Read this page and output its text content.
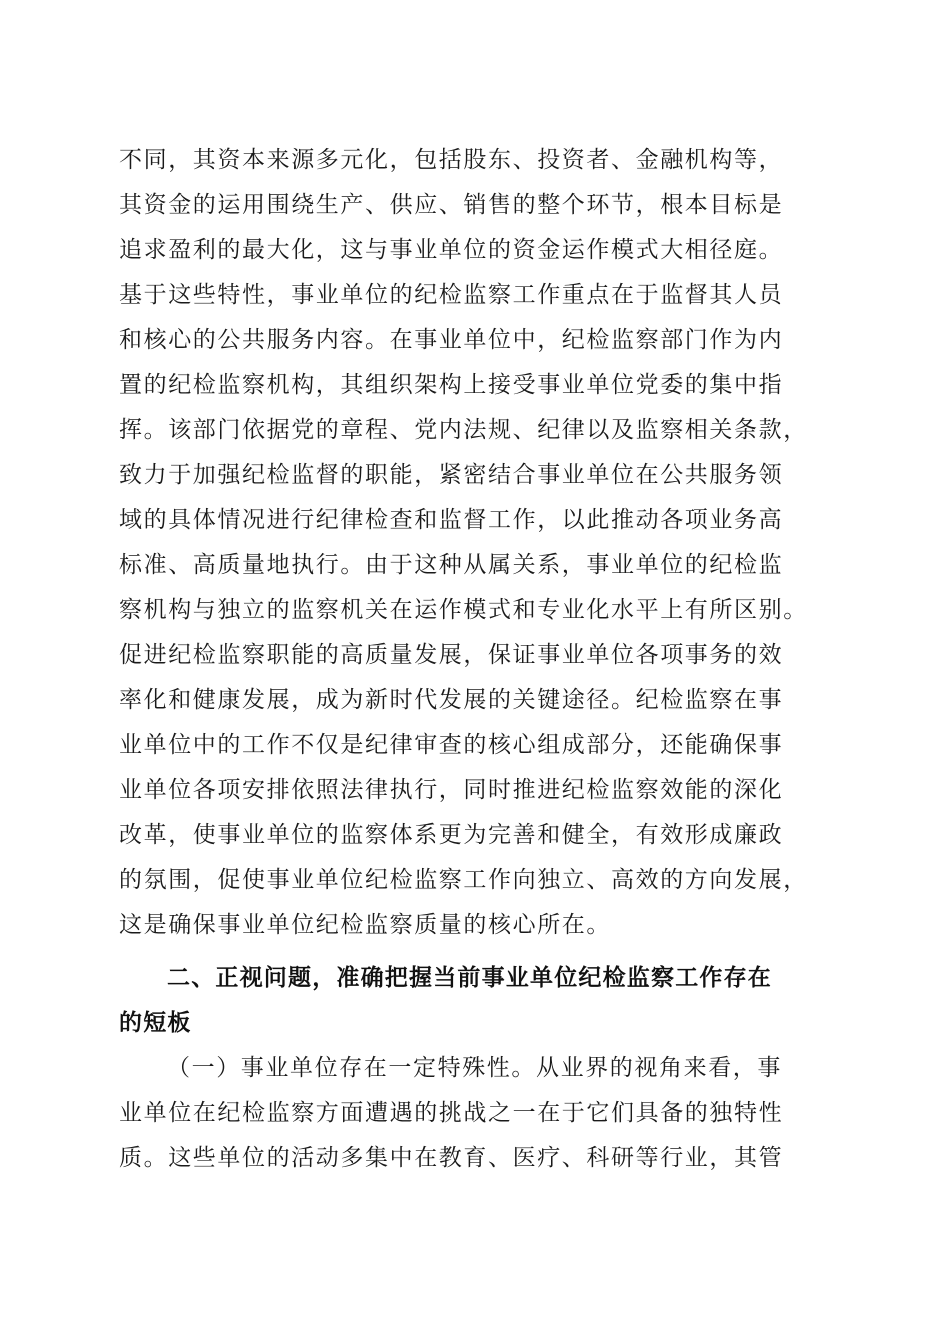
不同，其资本来源多元化，包括股东、投资者、金融机构等，
其资金的运用围绕生产、供应、销售的整个环节，根本目标是
追求盈利的最大化，这与事业单位的资金运作模式大相径庭。
基于这些特性，事业单位的纪检监察工作重点在于监督其人员
和核心的公共服务内容。在事业单位中，纪检监察部门作为内
置的纪检监察机构，其组织架构上接受事业单位党委的集中指
挥。该部门依据党的章程、党内法规、纪律以及监察相关条款，
致力于加强纪检监督的职能，紧密结合事业单位在公共服务领
域的具体情况进行纪律检查和监督工作，以此推动各项业务高
标准、高质量地执行。由于这种从属关系，事业单位的纪检监
察机构与独立的监察机关在运作模式和专业化水平上有所区别。
促进纪检监察职能的高质量发展，保证事业单位各项事务的效
率化和健康发展，成为新时代发展的关键途径。纪检监察在事
业单位中的工作不仅是纪律审查的核心组成部分，还能确保事
业单位各项安排依照法律执行，同时推进纪检监察效能的深化
改革，使事业单位的监察体系更为完善和健全，有效形成廉政
的氛围，促使事业单位纪检监察工作向独立、高效的方向发展，
这是确保事业单位纪检监察质量的核心所在。
二、正视问题，准确把握当前事业单位纪检监察工作存在
的短板
（一）事业单位存在一定特殊性。从业界的视角来看，事
业单位在纪检监察方面遭遇的挑战之一在于它们具备的独特性
质。这些单位的活动多集中在教育、医疗、科研等行业，其管
